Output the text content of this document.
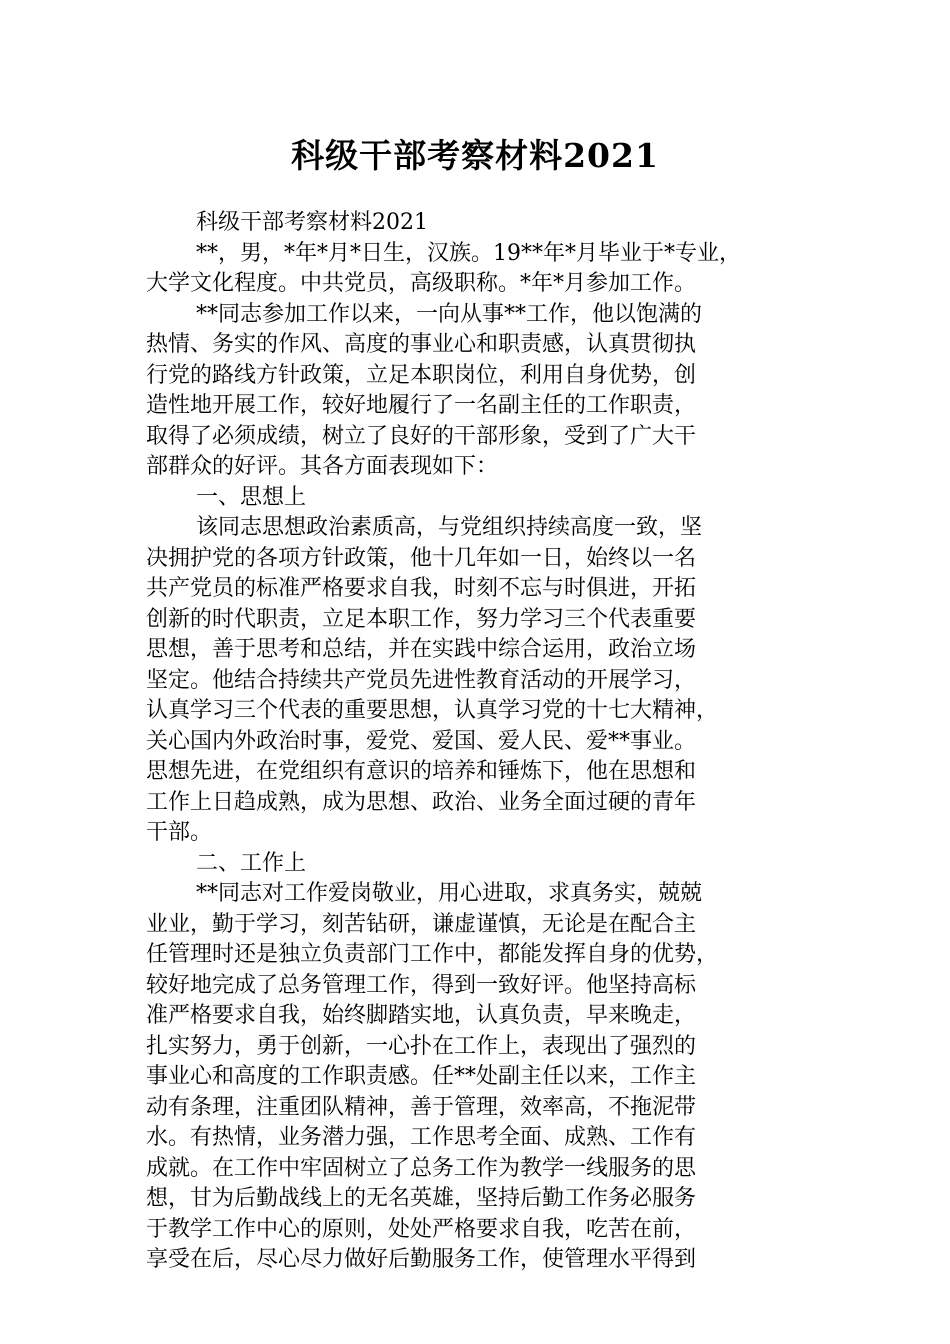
科级干部考察材料2021
科级干部考察材料2021
**，男，*年*月*日生，汉族。19**年*月毕业于*专业，
大学文化程度。中共党员，高级职称。*年*月参加工作。
**同志参加工作以来，一向从事**工作，他以饱满的
热情、务实的作风、高度的事业心和职责感，认真贯彻执
行党的路线方针政策，立足本职岗位，利用自身优势，创
造性地开展工作，较好地履行了一名副主任的工作职责，
取得了必须成绩，树立了良好的干部形象，受到了广大干
部群众的好评。其各方面表现如下：
一、思想上
该同志思想政治素质高，与党组织持续高度一致，坚
决拥护党的各项方针政策，他十几年如一日，始终以一名
共产党员的标准严格要求自我，时刻不忘与时俱进，开拓
创新的时代职责，立足本职工作，努力学习三个代表重要
思想，善于思考和总结，并在实践中综合运用，政治立场
坚定。他结合持续共产党员先进性教育活动的开展学习，
认真学习三个代表的重要思想，认真学习党的十七大精神，
关心国内外政治时事，爱党、爱国、爱人民、爱**事业。
思想先进，在党组织有意识的培养和锤炼下，他在思想和
工作上日趋成熟，成为思想、政治、业务全面过硬的青年
干部。
二、工作上
**同志对工作爱岗敬业，用心进取，求真务实，兢兢
业业，勤于学习，刻苦钻研，谦虚谨慎，无论是在配合主
任管理时还是独立负责部门工作中，都能发挥自身的优势，
较好地完成了总务管理工作，得到一致好评。他坚持高标
准严格要求自我，始终脚踏实地，认真负责，早来晚走，
扎实努力，勇于创新，一心扑在工作上，表现出了强烈的
事业心和高度的工作职责感。任**处副主任以来，工作主
动有条理，注重团队精神，善于管理，效率高，不拖泥带
水。有热情，业务潜力强，工作思考全面、成熟、工作有
成就。在工作中牢固树立了总务工作为教学一线服务的思
想，甘为后勤战线上的无名英雄，坚持后勤工作务必服务
于教学工作中心的原则，处处严格要求自我，吃苦在前，
享受在后，尽心尽力做好后勤服务工作，使管理水平得到
